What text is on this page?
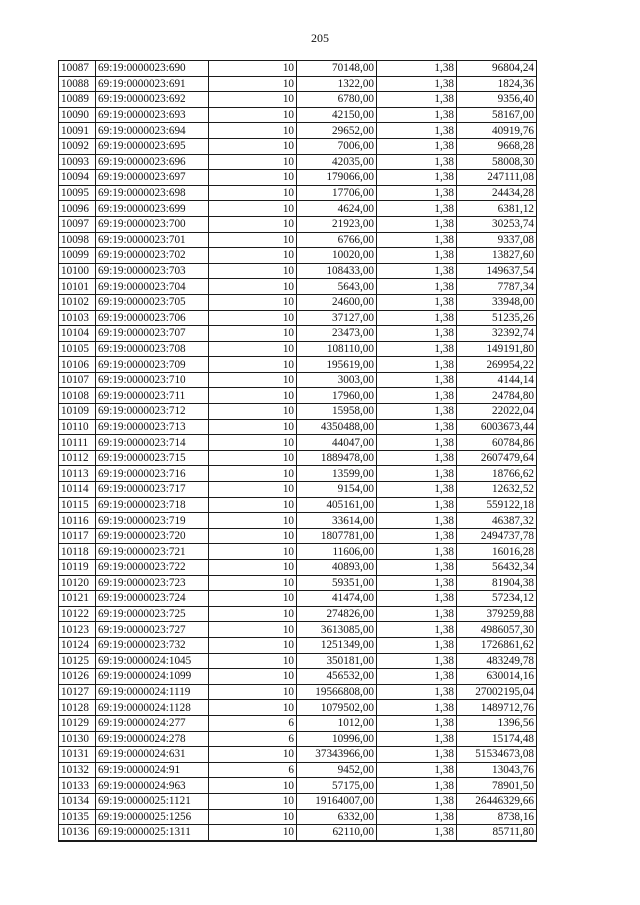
205
10087	69:19:0000023:690	10	70148,00	1,38	96804,24
10088	69:19:0000023:691	10	1322,00	1,38	1824,36
10089	69:19:0000023:692	10	6780,00	1,38	9356,40
10090	69:19:0000023:693	10	42150,00	1,38	58167,00
10091	69:19:0000023:694	10	29652,00	1,38	40919,76
10092	69:19:0000023:695	10	7006,00	1,38	9668,28
10093	69:19:0000023:696	10	42035,00	1,38	58008,30
10094	69:19:0000023:697	10	179066,00	1,38	247111,08
10095	69:19:0000023:698	10	17706,00	1,38	24434,28
10096	69:19:0000023:699	10	4624,00	1,38	6381,12
10097	69:19:0000023:700	10	21923,00	1,38	30253,74
10098	69:19:0000023:701	10	6766,00	1,38	9337,08
10099	69:19:0000023:702	10	10020,00	1,38	13827,60
10100	69:19:0000023:703	10	108433,00	1,38	149637,54
10101	69:19:0000023:704	10	5643,00	1,38	7787,34
10102	69:19:0000023:705	10	24600,00	1,38	33948,00
10103	69:19:0000023:706	10	37127,00	1,38	51235,26
10104	69:19:0000023:707	10	23473,00	1,38	32392,74
10105	69:19:0000023:708	10	108110,00	1,38	149191,80
10106	69:19:0000023:709	10	195619,00	1,38	269954,22
10107	69:19:0000023:710	10	3003,00	1,38	4144,14
10108	69:19:0000023:711	10	17960,00	1,38	24784,80
10109	69:19:0000023:712	10	15958,00	1,38	22022,04
10110	69:19:0000023:713	10	4350488,00	1,38	6003673,44
10111	69:19:0000023:714	10	44047,00	1,38	60784,86
10112	69:19:0000023:715	10	1889478,00	1,38	2607479,64
10113	69:19:0000023:716	10	13599,00	1,38	18766,62
10114	69:19:0000023:717	10	9154,00	1,38	12632,52
10115	69:19:0000023:718	10	405161,00	1,38	559122,18
10116	69:19:0000023:719	10	33614,00	1,38	46387,32
10117	69:19:0000023:720	10	1807781,00	1,38	2494737,78
10118	69:19:0000023:721	10	11606,00	1,38	16016,28
10119	69:19:0000023:722	10	40893,00	1,38	56432,34
10120	69:19:0000023:723	10	59351,00	1,38	81904,38
10121	69:19:0000023:724	10	41474,00	1,38	57234,12
10122	69:19:0000023:725	10	274826,00	1,38	379259,88
10123	69:19:0000023:727	10	3613085,00	1,38	4986057,30
10124	69:19:0000023:732	10	1251349,00	1,38	1726861,62
10125	69:19:0000024:1045	10	350181,00	1,38	483249,78
10126	69:19:0000024:1099	10	456532,00	1,38	630014,16
10127	69:19:0000024:1119	10	19566808,00	1,38	27002195,04
10128	69:19:0000024:1128	10	1079502,00	1,38	1489712,76
10129	69:19:0000024:277	6	1012,00	1,38	1396,56
10130	69:19:0000024:278	6	10996,00	1,38	15174,48
10131	69:19:0000024:631	10	37343966,00	1,38	51534673,08
10132	69:19:0000024:91	6	9452,00	1,38	13043,76
10133	69:19:0000024:963	10	57175,00	1,38	78901,50
10134	69:19:0000025:1121	10	19164007,00	1,38	26446329,66
10135	69:19:0000025:1256	10	6332,00	1,38	8738,16
10136	69:19:0000025:1311	10	62110,00	1,38	85711,80
